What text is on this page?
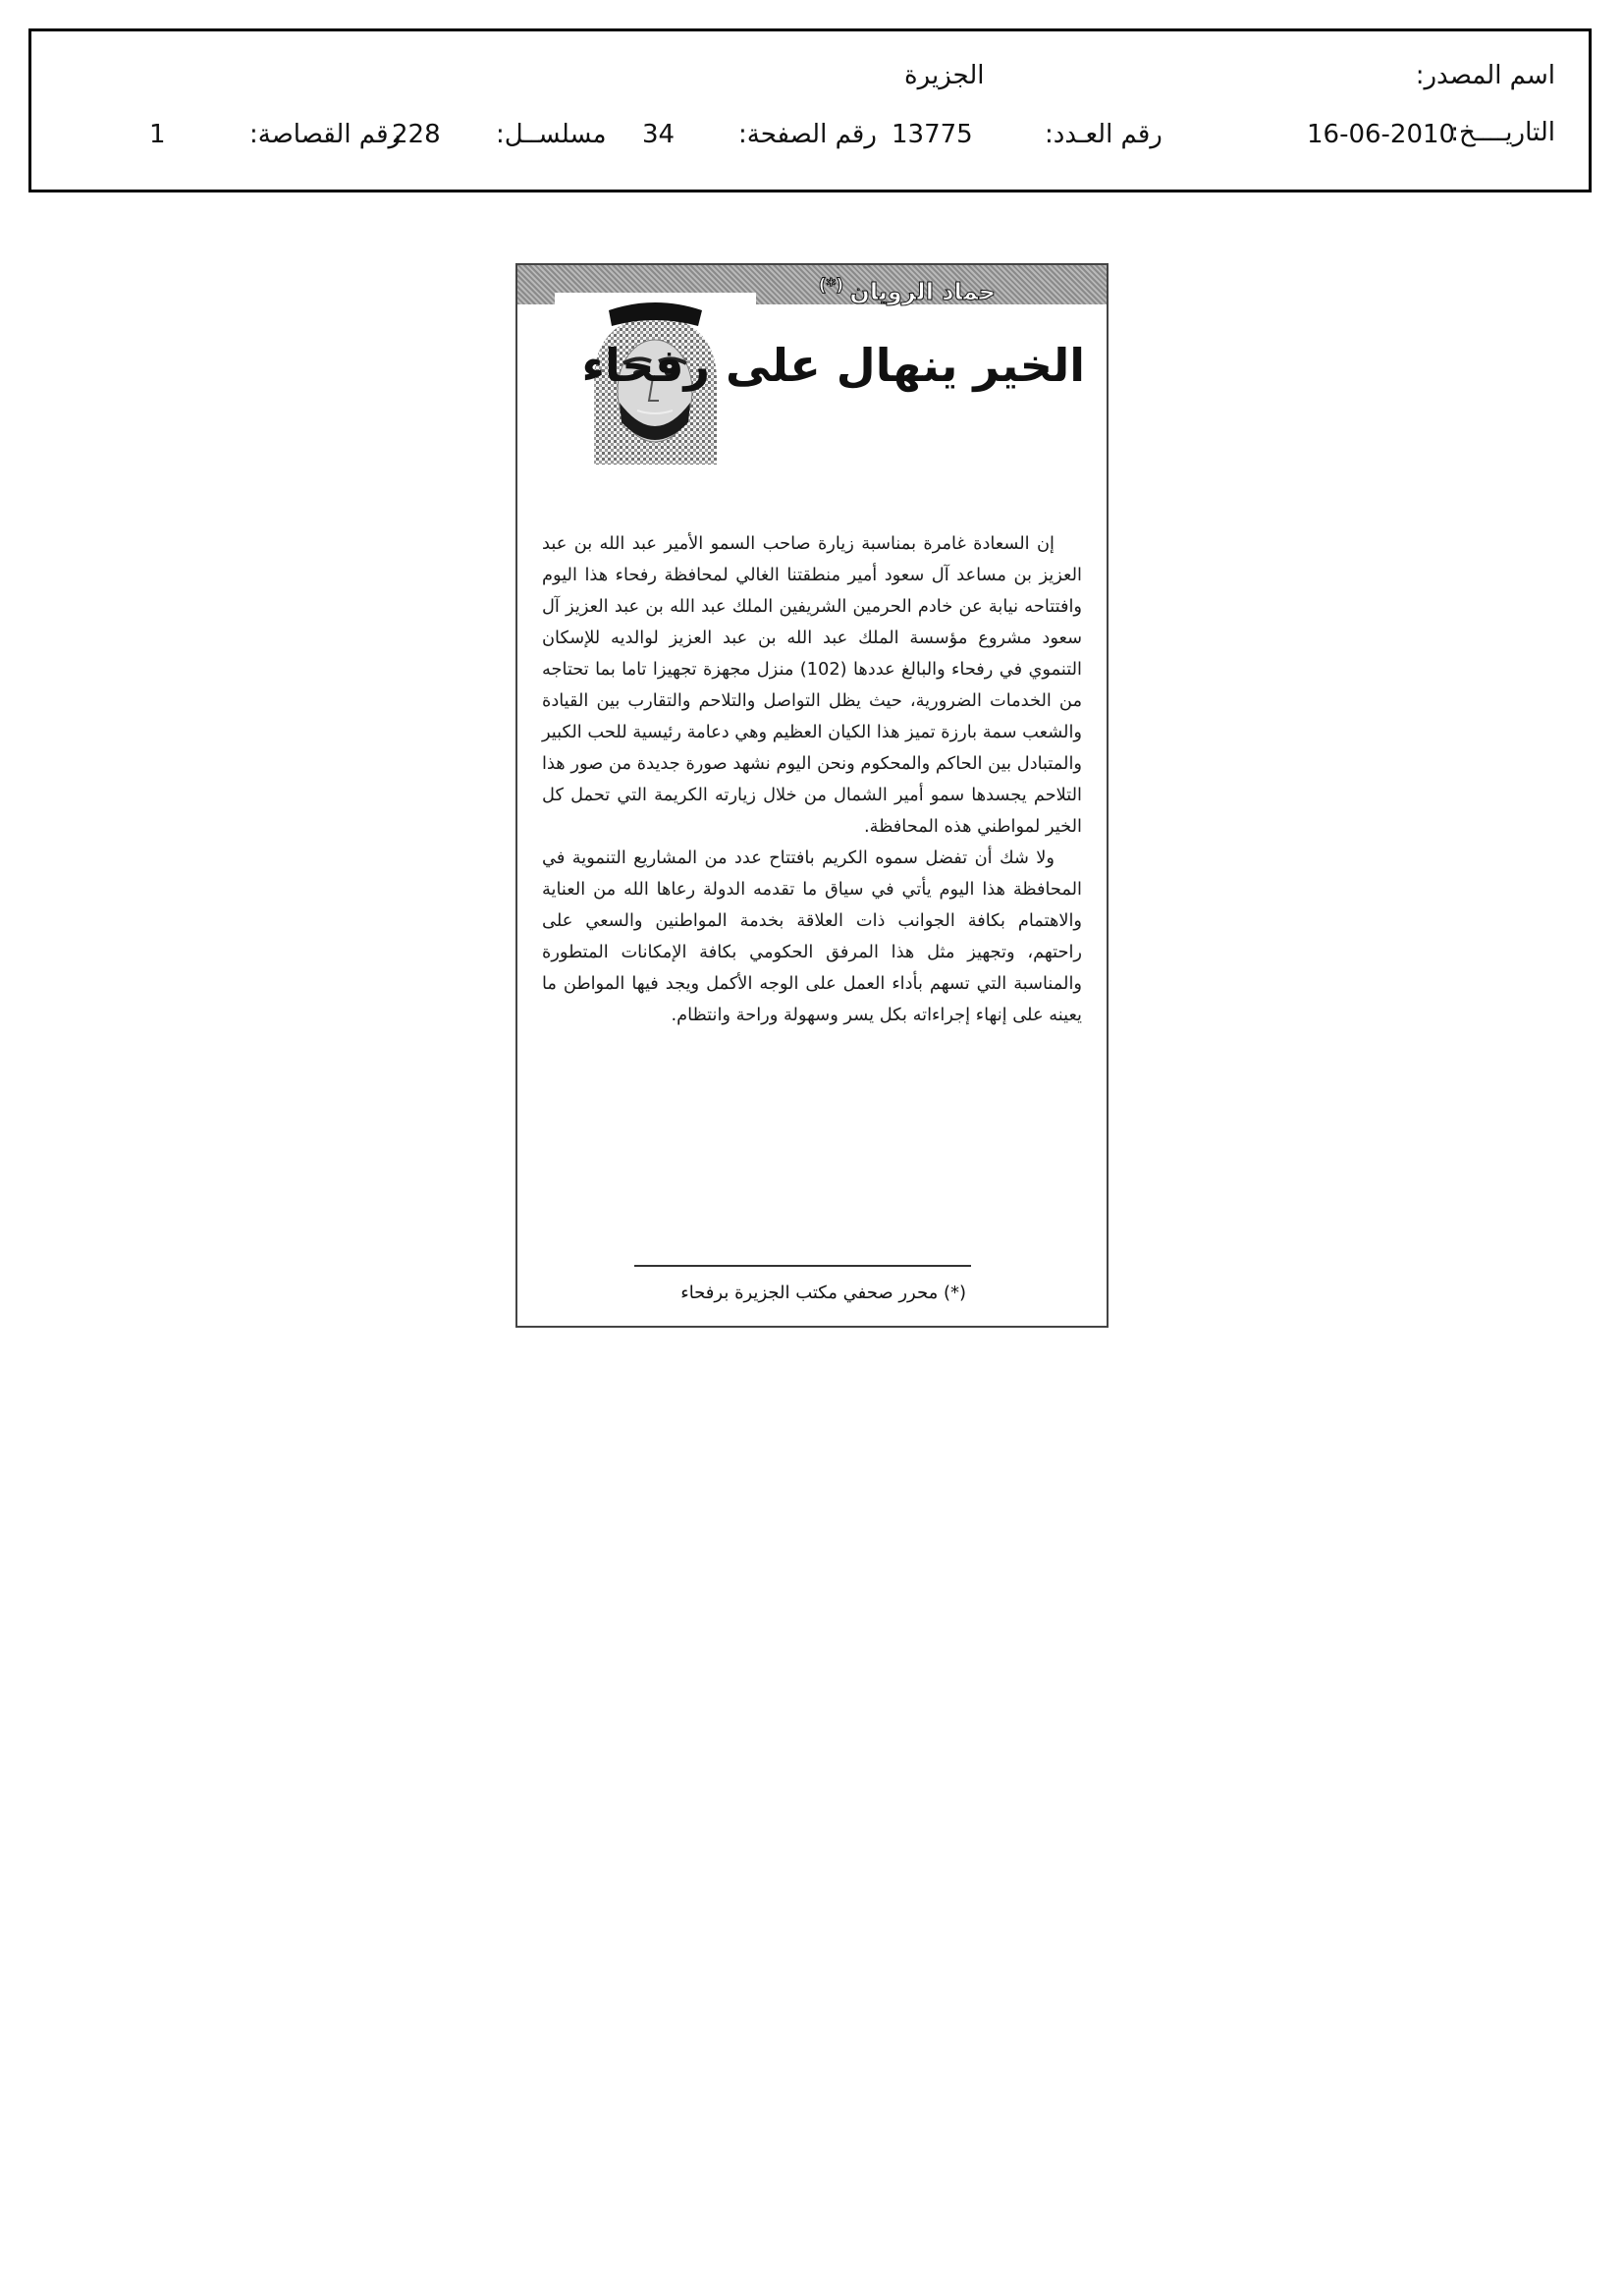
اسم المصدر:
الجزيرة
التاريــــخ:
16-06-2010
رقم العـدد:
13775
رقم الصفحة:
34
مسلســل:
228
رقم القصاصة:
1
حماد الرويان(*)
الخير ينهال على رفحاء

إن السعادة غامرة بمناسبة زيارة صاحب السمو الأمير عبد الله بن عبد العزيز بن مساعد آل سعود أمير منطقتنا الغالي لمحافظة رفحاء هذا اليوم وافتتاحه نيابة عن خادم الحرمين الشريفين الملك عبد الله بن عبد العزيز آل سعود مشروع مؤسسة الملك عبد الله بن عبد العزيز لوالديه للإسكان التنموي في رفحاء والبالغ عددها (102) منزل مجهزة تجهيزا تاما بما تحتاجه من الخدمات الضرورية، حيث يظل التواصل والتلاحم والتقارب بين القيادة والشعب سمة بارزة تميز هذا الكيان العظيم وهي دعامة رئيسية للحب الكبير والمتبادل بين الحاكم والمحكوم ونحن اليوم نشهد صورة جديدة من صور هذا التلاحم يجسدها سمو أمير الشمال من خلال زيارته الكريمة التي تحمل كل الخير لمواطني هذه المحافظة.

ولا شك أن تفضل سموه الكريم بافتتاح عدد من المشاريع التنموية في المحافظة هذا اليوم يأتي في سياق ما تقدمه الدولة رعاها الله من العناية والاهتمام بكافة الجوانب ذات العلاقة بخدمة المواطنين والسعي على راحتهم، وتجهيز مثل هذا المرفق الحكومي بكافة الإمكانات المتطورة والمناسبة التي تسهم بأداء العمل على الوجه الأكمل ويجد فيها المواطن ما يعينه على إنهاء إجراءاته بكل يسر وسهولة وراحة وانتظام.

(*) محرر صحفي مكتب الجزيرة برفحاء
